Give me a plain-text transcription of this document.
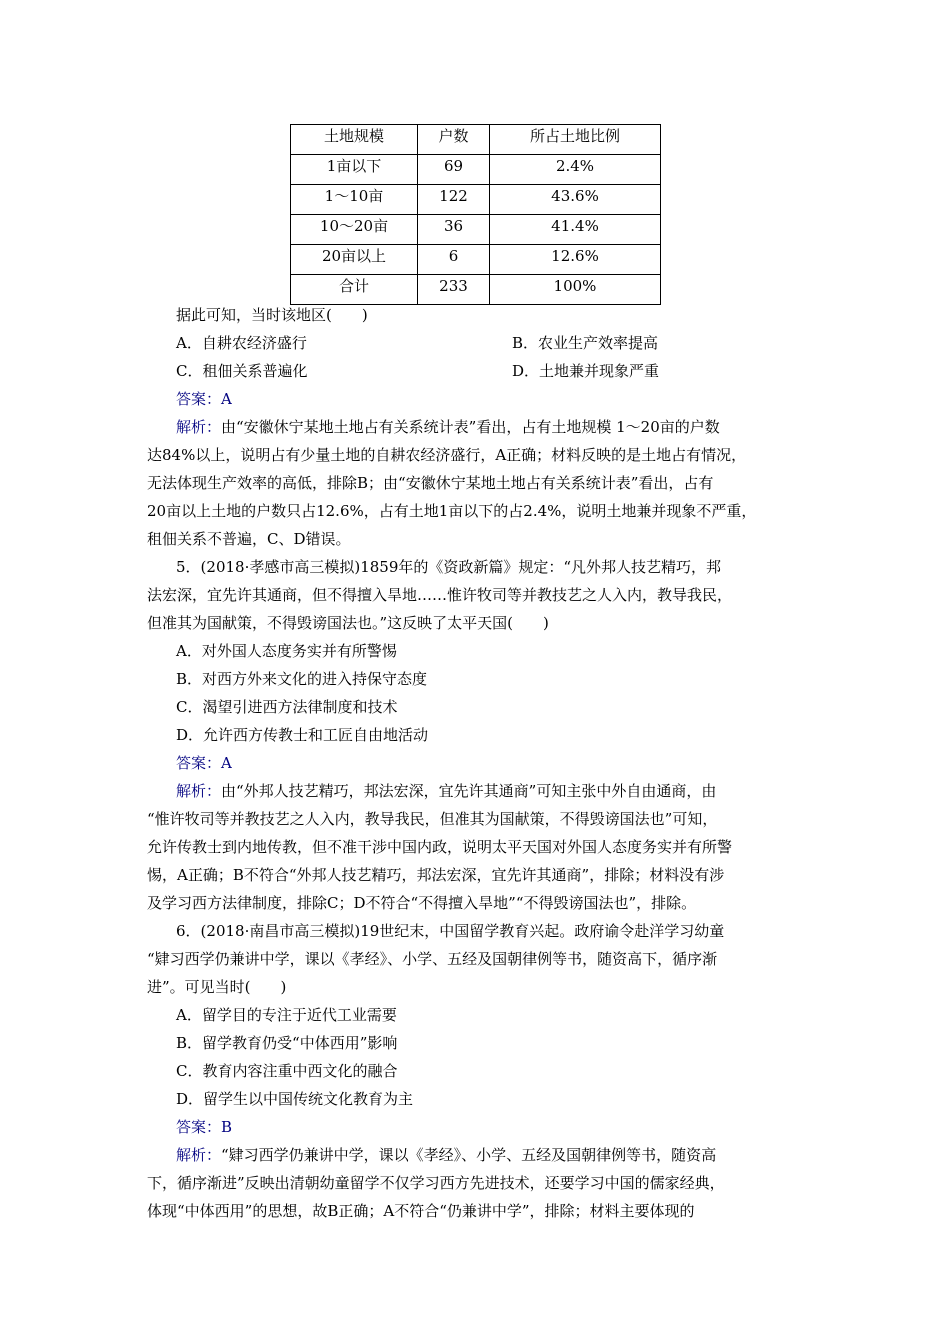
土地规模	户数	所占土地比例
1亩以下	69	2.4%
1～10亩	122	43.6%
10～20亩	36	41.4%
20亩以上	6	12.6%
合计	233	100%
据此可知，当时该地区(　　)
A．自耕农经济盛行	B．农业生产效率提高
C．租佃关系普遍化	D．土地兼并现象严重
答案：A
解析：由“安徽休宁某地土地占有关系统计表”看出，占有土地规模 1～20亩的户数
达84%以上，说明占有少量土地的自耕农经济盛行，A正确；材料反映的是土地占有情况，
无法体现生产效率的高低，排除B；由“安徽休宁某地土地占有关系统计表”看出，占有
20亩以上土地的户数只占12.6%，占有土地1亩以下的占2.4%，说明土地兼并现象不严重，
租佃关系不普遍，C、D错误。
5．(2018·孝感市高三模拟)1859年的《资政新篇》规定：“凡外邦人技艺精巧，邦
法宏深，宜先许其通商，但不得擅入旱地……惟许牧司等并教技艺之人入内，教导我民，
但准其为国献策，不得毁谤国法也。”这反映了太平天国(　　)
A．对外国人态度务实并有所警惕
B．对西方外来文化的进入持保守态度
C．渴望引进西方法律制度和技术
D．允许西方传教士和工匠自由地活动
答案：A
解析：由“外邦人技艺精巧，邦法宏深，宜先许其通商”可知主张中外自由通商，由
“惟许牧司等并教技艺之人入内，教导我民，但准其为国献策，不得毁谤国法也”可知，
允许传教士到内地传教，但不准干涉中国内政，说明太平天国对外国人态度务实并有所警
惕，A正确；B不符合“外邦人技艺精巧，邦法宏深，宜先许其通商”，排除；材料没有涉
及学习西方法律制度，排除C；D不符合“不得擅入旱地”“不得毁谤国法也”，排除。
6．(2018·南昌市高三模拟)19世纪末，中国留学教育兴起。政府谕令赴洋学习幼童
“肄习西学仍兼讲中学，课以《孝经》、小学、五经及国朝律例等书，随资高下，循序渐
进”。可见当时(　　)
A．留学目的专注于近代工业需要
B．留学教育仍受“中体西用”影响
C．教育内容注重中西文化的融合
D．留学生以中国传统文化教育为主
答案：B
解析：“肄习西学仍兼讲中学，课以《孝经》、小学、五经及国朝律例等书，随资高
下，循序渐进”反映出清朝幼童留学不仅学习西方先进技术，还要学习中国的儒家经典，
体现“中体西用”的思想，故B正确；A不符合“仍兼讲中学”，排除；材料主要体现的
